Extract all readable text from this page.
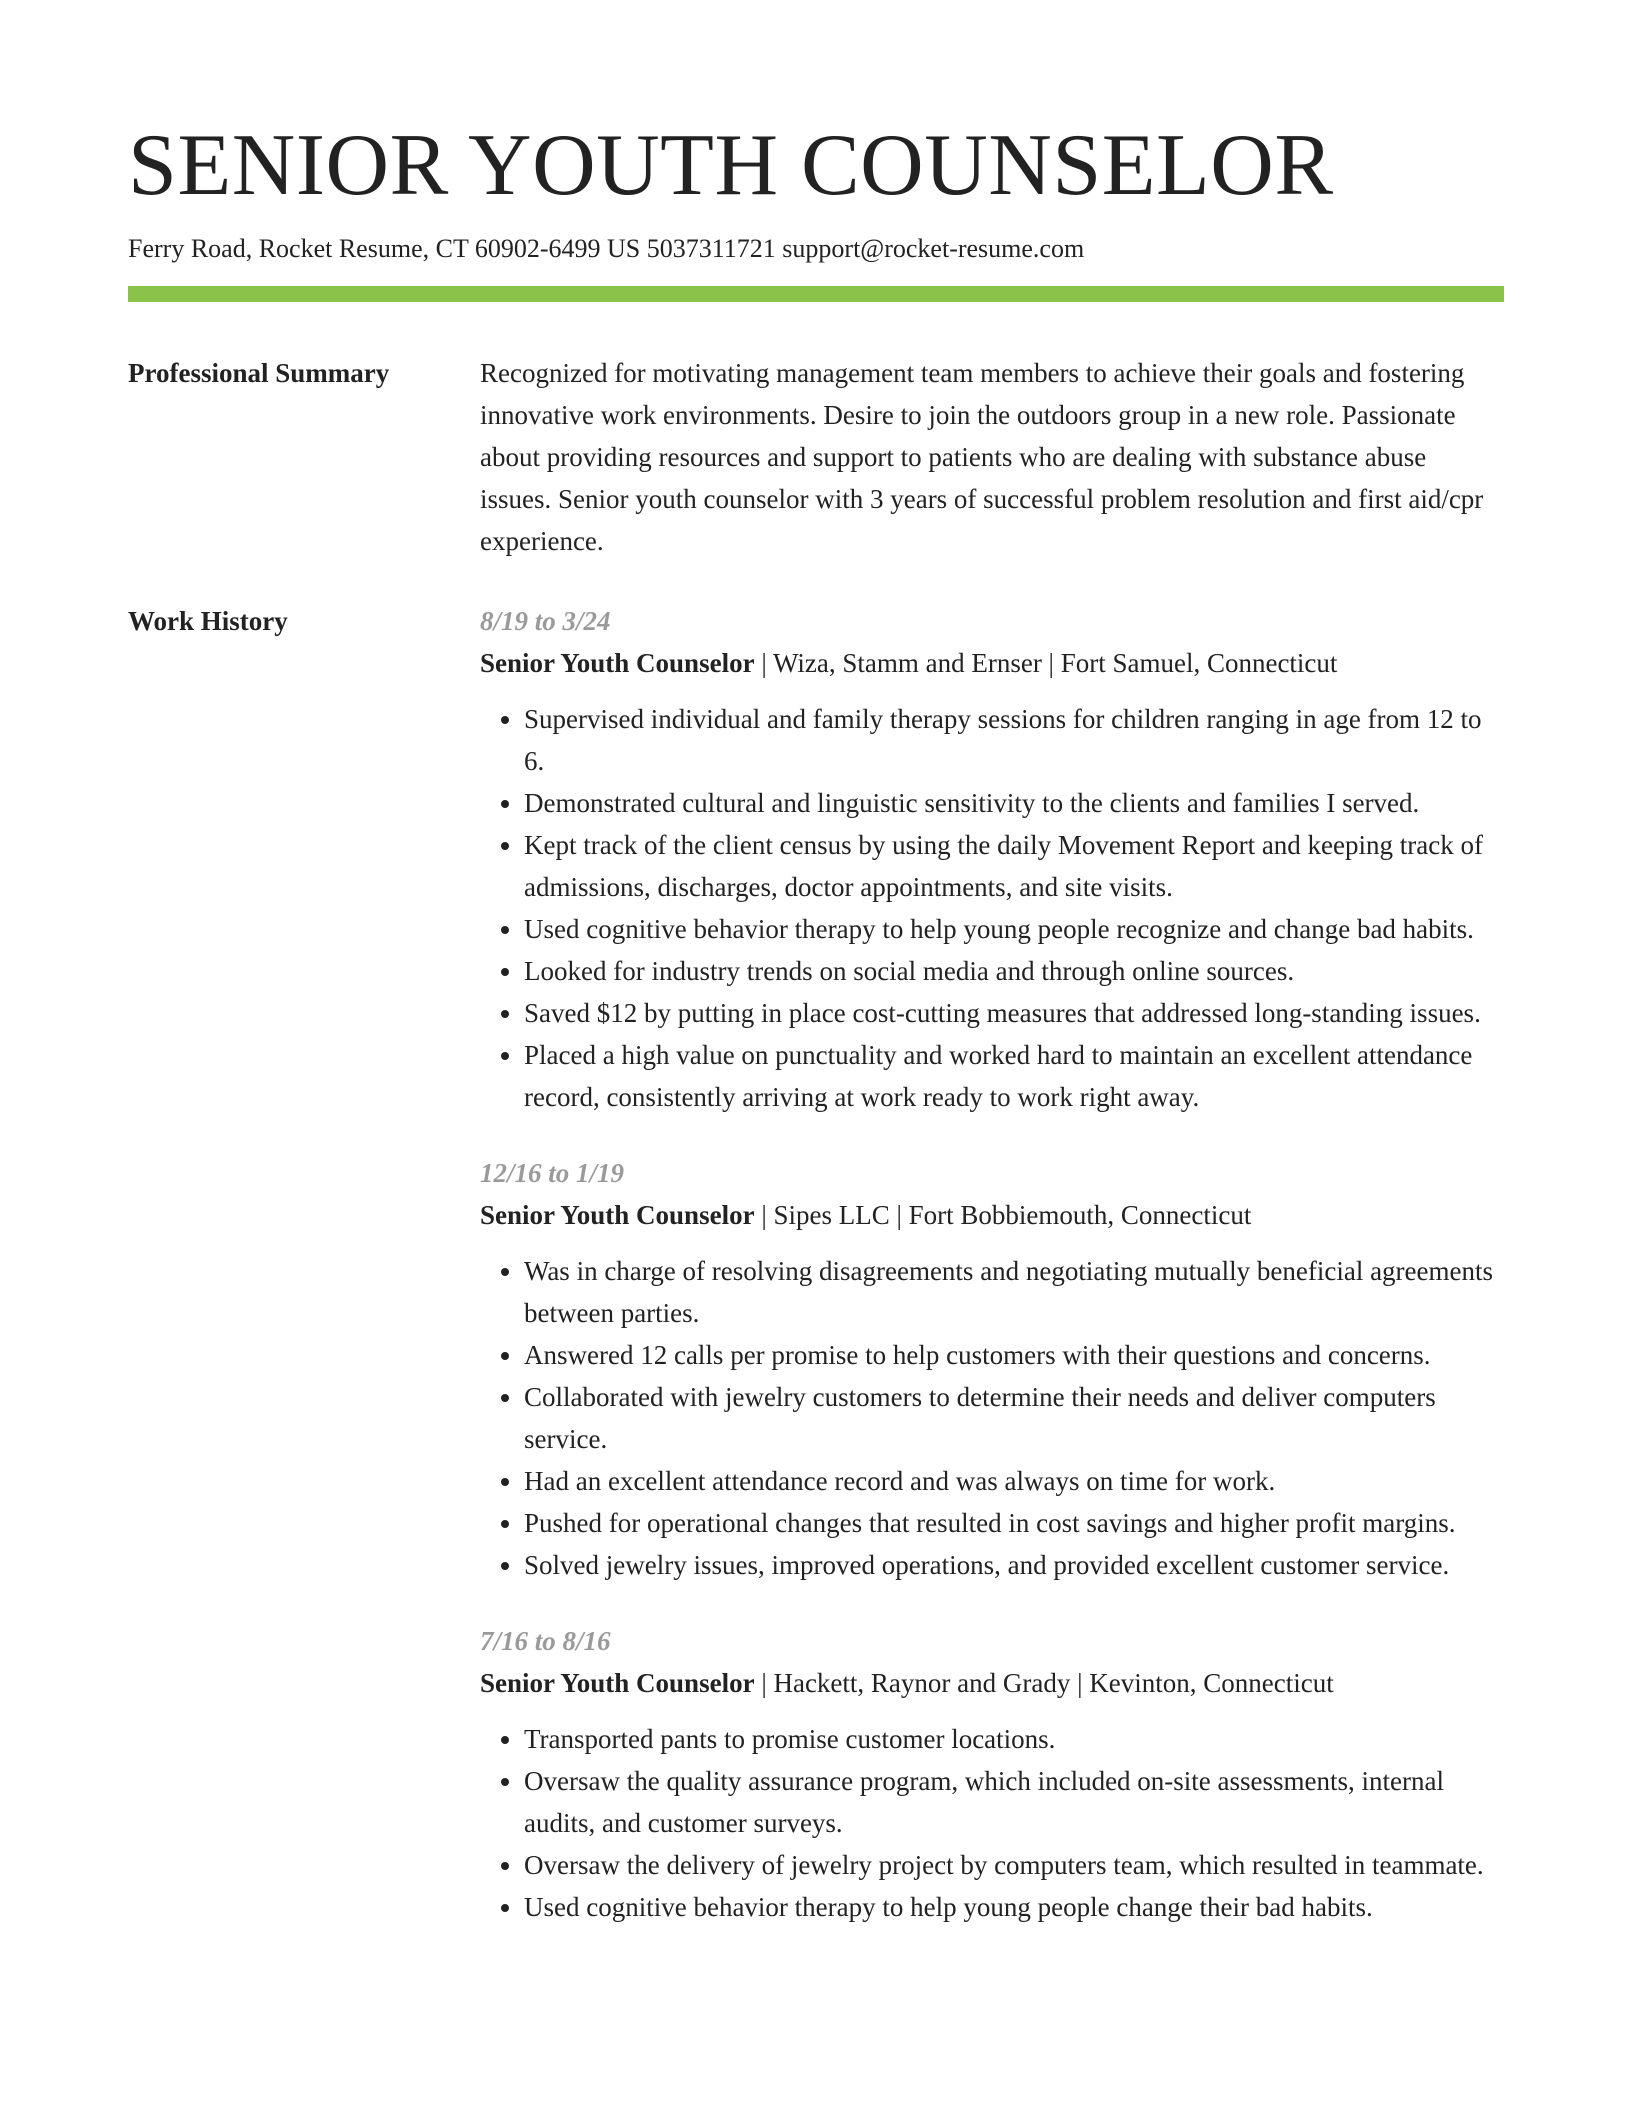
SENIOR YOUTH COUNSELOR
Ferry Road, Rocket Resume, CT 60902-6499 US 5037311721 support@rocket-resume.com
Professional Summary	Recognized for motivating management team members to achieve their goals and fostering innovative work environments. Desire to join the outdoors group in a new role. Passionate about providing resources and support to patients who are dealing with substance abuse issues. Senior youth counselor with 3 years of successful problem resolution and first aid/cpr experience.
Work History	8/19 to 3/24
Senior Youth Counselor | Wiza, Stamm and Ernser | Fort Samuel, Connecticut
• Supervised individual and family therapy sessions for children ranging in age from 12 to 6.
• Demonstrated cultural and linguistic sensitivity to the clients and families I served.
• Kept track of the client census by using the daily Movement Report and keeping track of admissions, discharges, doctor appointments, and site visits.
• Used cognitive behavior therapy to help young people recognize and change bad habits.
• Looked for industry trends on social media and through online sources.
• Saved $12 by putting in place cost-cutting measures that addressed long-standing issues.
• Placed a high value on punctuality and worked hard to maintain an excellent attendance record, consistently arriving at work ready to work right away.
12/16 to 1/19
Senior Youth Counselor | Sipes LLC | Fort Bobbiemouth, Connecticut
• Was in charge of resolving disagreements and negotiating mutually beneficial agreements between parties.
• Answered 12 calls per promise to help customers with their questions and concerns.
• Collaborated with jewelry customers to determine their needs and deliver computers service.
• Had an excellent attendance record and was always on time for work.
• Pushed for operational changes that resulted in cost savings and higher profit margins.
• Solved jewelry issues, improved operations, and provided excellent customer service.
7/16 to 8/16
Senior Youth Counselor | Hackett, Raynor and Grady | Kevinton, Connecticut
• Transported pants to promise customer locations.
• Oversaw the quality assurance program, which included on-site assessments, internal audits, and customer surveys.
• Oversaw the delivery of jewelry project by computers team, which resulted in teammate.
• Used cognitive behavior therapy to help young people change their bad habits.
